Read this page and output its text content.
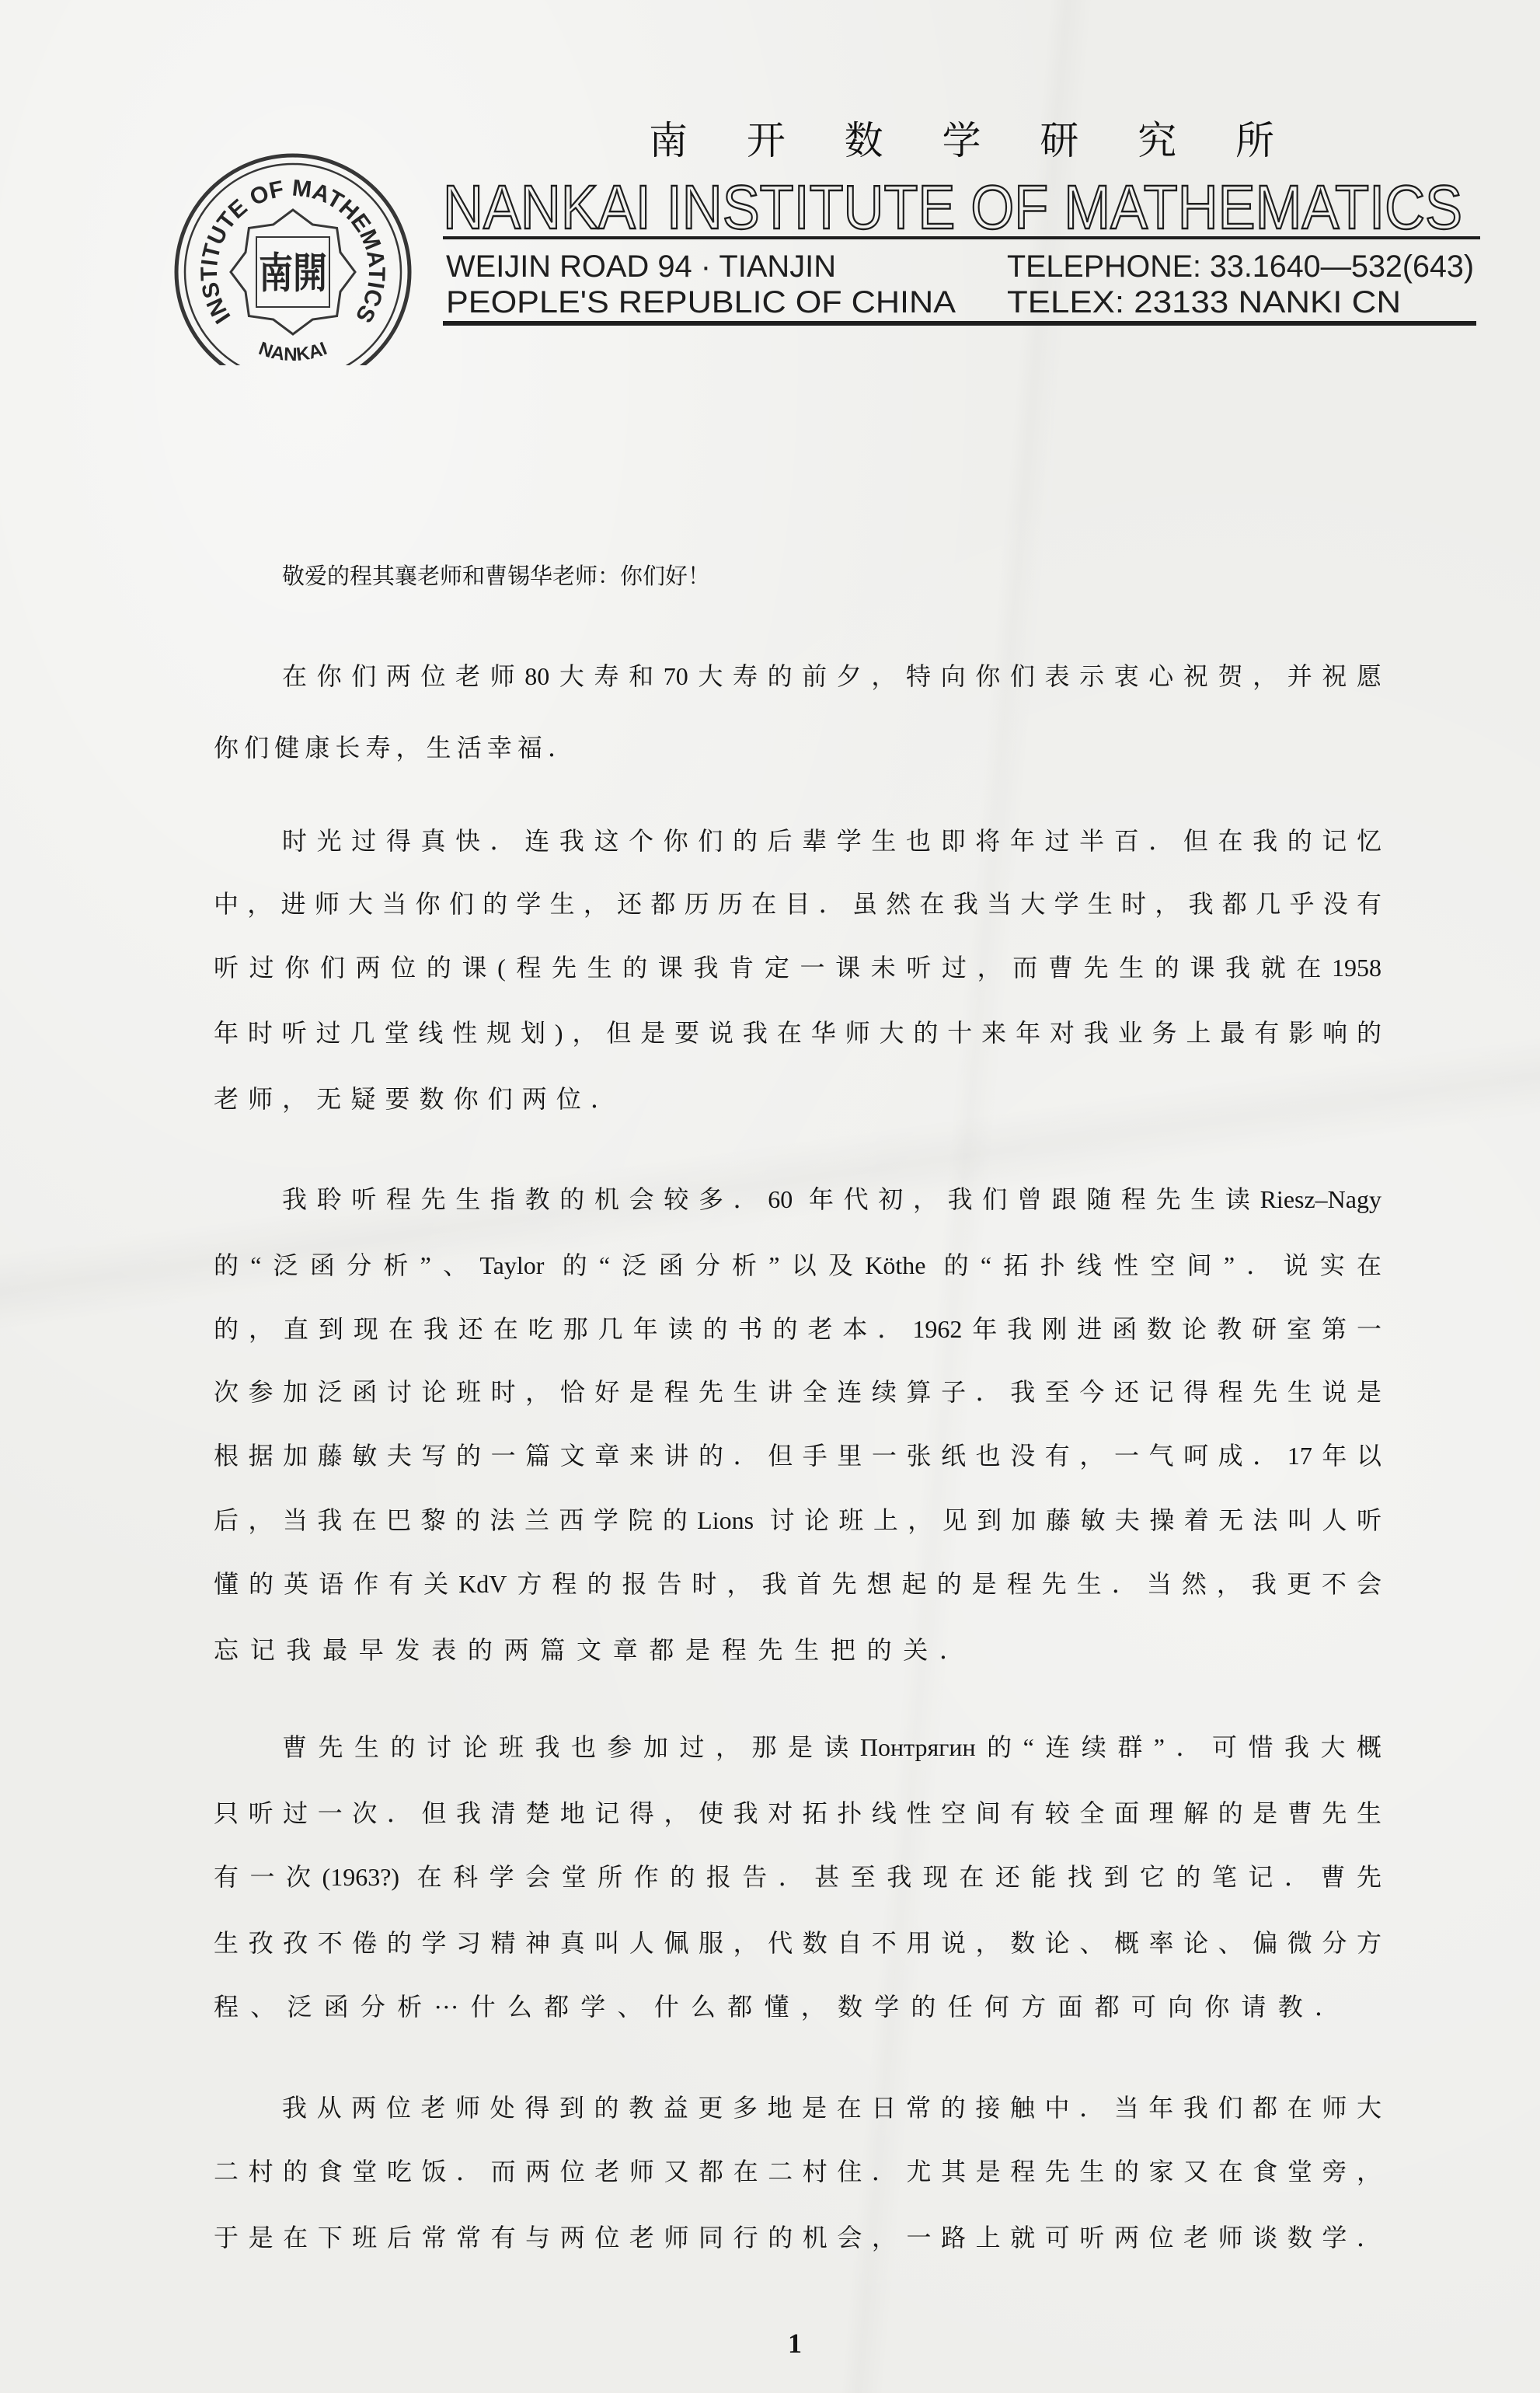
INSTITUTE OF MATHEMATICS
NANKAI
南開
南开数学研究所
NANKAI INSTITUTE OF MATHEMATICS
WEIJIN ROAD 94 · TIANJIN	TELEPHONE: 33.1640—532(643)
PEOPLE'S REPUBLIC OF CHINA TELEX: 23133 NANKI CN
敬爱的程其襄老师和曹锡华老师：你们好！
在你们两位老师80大寿和70大寿的前夕，特向你们表示衷心祝贺，并祝愿
你们健康长寿，生活幸福．
时光过得真快．连我这个你们的后辈学生也即将年过半百．但在我的记忆
中，进师大当你们的学生，还都历历在目．虽然在我当大学生时，我都几乎没有
听过你们两位的课(程先生的课我肯定一课未听过，而曹先生的课我就在1958
年时听过几堂线性规划)，但是要说我在华师大的十来年对我业务上最有影响的
老师，无疑要数你们两位．
我聆听程先生指教的机会较多．60 年代初，我们曾跟随程先生读Riesz–Nagy
的“泛函分析”、Taylor 的“泛函分析”以及Köthe 的“拓扑线性空间”．说实在
的，直到现在我还在吃那几年读的书的老本．1962年我刚进函数论教研室第一
次参加泛函讨论班时，恰好是程先生讲全连续算子．我至今还记得程先生说是
根据加藤敏夫写的一篇文章来讲的．但手里一张纸也没有，一气呵成．17年以
后，当我在巴黎的法兰西学院的Lions 讨论班上，见到加藤敏夫操着无法叫人听
懂的英语作有关KdV方程的报告时，我首先想起的是程先生．当然，我更不会
忘记我最早发表的两篇文章都是程先生把的关．
曹先生的讨论班我也参加过，那是读Понтрягин的“连续群”．可惜我大概
只听过一次．但我清楚地记得，使我对拓扑线性空间有较全面理解的是曹先生
有一次(1963?) 在科学会堂所作的报告．甚至我现在还能找到它的笔记．曹先
生孜孜不倦的学习精神真叫人佩服，代数自不用说，数论、概率论、偏微分方
程、泛函分析···什么都学、什么都懂，数学的任何方面都可向你请教．
我从两位老师处得到的教益更多地是在日常的接触中．当年我们都在师大
二村的食堂吃饭．而两位老师又都在二村住．尤其是程先生的家又在食堂旁，
于是在下班后常常有与两位老师同行的机会，一路上就可听两位老师谈数学．
1
